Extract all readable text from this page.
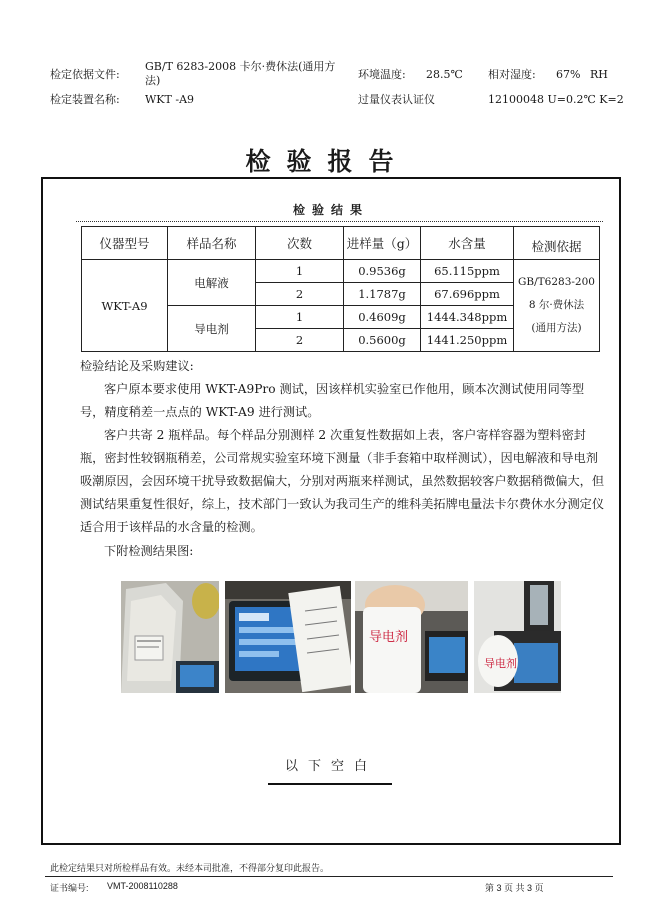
检定依据文件:
GB/T 6283-2008 卡尔·费休法(通用方
法)	环境温度: 28.5℃ 相对湿度: 67% RH
检定装置名称: WKT -A9	过量仪表认证仪	12100048 U=0.2℃ K=2
检验报告
检验结果
仪器型号	样品名称	次数	进样量（g）	水含量	检测依据
WKT-A9	电解液	1	0.9536g	65.115ppm	GB/T6283-200
8 尔·费休法
(通用方法)

		2	1.1787g	67.696ppm	
	导电剂	1	0.4609g	1444.348ppm	
		2	0.5600g	1441.250ppm	
检验结论及采购建议:
客户原本要求使用 WKT-A9Pro 测试，因该样机实验室已作他用，顾本次测试使用同等型号，精度稍差一点点的 WKT-A9 进行测试。
客户共寄 2 瓶样品。每个样品分别测样 2 次重复性数据如上表，客户寄样容器为塑料密封瓶，密封性较钢瓶稍差，公司常规实验室环境下测量（非手套箱中取样测试），因电解液和导电剂吸潮原因，会因环境干扰导致数据偏大，分别对两瓶来样测试，虽然数据较客户数据稍微偏大，但测试结果重复性很好，综上，技术部门一致认为我司生产的维科美拓牌电量法卡尔费休水分测定仪适合用于该样品的水含量的检测。
下附检测结果图:
导电剂
导电剂
以下空白
此检定结果只对所检样品有效。未经本司批准，不得部分复印此报告。
证书编号: VMT-2008110288	第 3 页 共 3 页
